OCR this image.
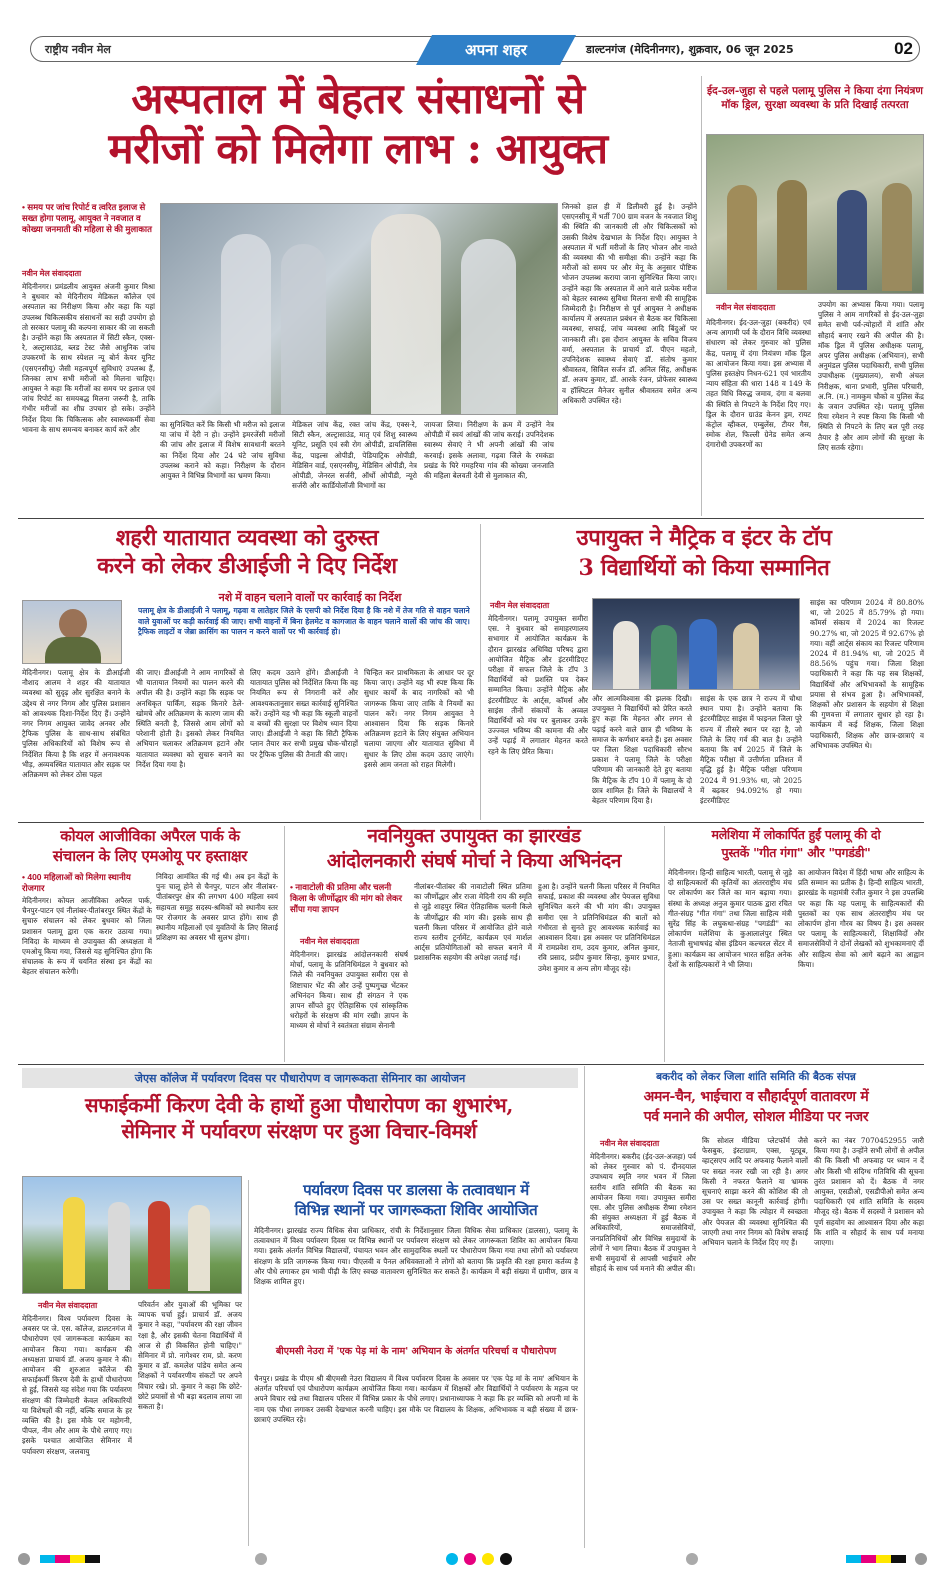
राष्ट्रीय नवीन मेल	अपना शहर	डाल्टनगंज (मेदिनीनगर), शुक्रवार, 06 जून 2025	02
अस्पताल में बेहतर संसाधनों से
मरीजों को मिलेगा लाभ : आयुक्त
• समय पर जांच रिपोर्ट व त्वरित इलाज से सख्त होगा पलामू, आयुक्त ने नवजात व कोख्या जनमाती की महिला से की मुलाकात
नवीन मेल संवाददाता
मेदिनीनगर। प्रमंडलीय आयुक्त अंजनी कुमार मिश्रा ने बुधवार को मेदिनीराय मेडिकल कॉलेज एवं अस्पताल का निरीक्षण किया और कहा कि यहां उपलब्ध चिकित्सकीय संसाधनों का सही उपयोग हो तो सरकार पलामू की कल्पना साकार की जा सकती है। उन्होंने कहा कि अस्पताल में सिटी स्कैन, एक्स-रे, अल्ट्रासाउंड, ब्लड टेस्ट जैसे आधुनिक जांच उपकरणों के साथ स्पेशल न्यू बोर्न केयर यूनिट (एसएनसीयू) जैसी महत्वपूर्ण सुविधाएं उपलब्ध हैं, जिनका लाभ सभी मरीजों को मिलना चाहिए। आयुक्त ने कहा कि मरीजों का समय पर इलाज एवं जांच रिपोर्ट का समयबद्ध मिलना जरूरी है, ताकि गंभीर मरीजों का शीघ्र उपचार हो सके। उन्होंने निर्देश दिया कि चिकित्सक और स्वास्थ्यकर्मी सेवा भावना के साथ समन्वय बनाकर कार्य करें और
का सुनिश्चित करें कि किसी भी मरीज को इलाज या जांच में देरी न हो। उन्होंने इमरजेंसी मरीजों की जांच और इलाज में विशेष सावधानी बरतने का निर्देश दिया और 24 घंटे जांच सुविधा उपलब्ध कराने को कहा। निरीक्षण के दौरान आयुक्त ने विभिन्न विभागों का भ्रमण किया।
मेडिकल जांच केंद्र, रक्त जांच केंद्र, एक्स-रे, सिटी स्कैन, अल्ट्रासाउंड, मातृ एवं शिशु स्वास्थ्य यूनिट, प्रसूति एवं स्त्री रोग ओपीडी, डायलिसिस केंद्र, पाइल्स ओपीडी, पेडियाट्रिक ओपीडी, मेडिसिन वार्ड, एसएनसीयू, मेडिसिन ओपीडी, नेत्र ओपीडी, जेनरल सर्जरी, ऑर्थो ओपीडी, न्यूरो सर्जरी और कार्डियोलॉजी विभागों का
जायजा लिया। निरीक्षण के क्रम में उन्होंने नेत्र ओपीडी में स्वयं आंखों की जांच कराई। उपनिदेशक स्वास्थ्य सेवाएं ने भी अपनी आंखों की जांच करवाई। इसके अलावा, गढ़वा जिले के रमकंडा प्रखंड के घिरे गमहरिया गांव की कोख्या जनजाति की महिला बेलवती देवी से मुलाकात की,
जिनको हाल ही में डिलीवरी हुई है। उन्होंने एसएनसीयू में भर्ती 700 ग्राम वजन के नवजात शिशु की स्थिति की जानकारी ली और चिकित्सकों को उसकी विशेष देखभाल के निर्देश दिए। आयुक्त ने अस्पताल में भर्ती मरीजों के लिए भोजन और नाश्ते की व्यवस्था की भी समीक्षा की। उन्होंने कहा कि मरीजों को समय पर और मेनू के अनुसार पौष्टिक भोजन उपलब्ध कराया जाना सुनिश्चित किया जाए। उन्होंने कहा कि अस्पताल में आने वाले प्रत्येक मरीज को बेहतर स्वास्थ्य सुविधा मिलना सभी की सामूहिक जिम्मेदारी है। निरीक्षण से पूर्व आयुक्त ने अधीक्षक कार्यालय में अस्पताल प्रबंधन से बैठक कर चिकित्सा व्यवस्था, सफाई, जांच व्यवस्था आदि बिंदुओं पर जानकारी ली। इस दौरान आयुक्त के सचिव विजय वर्मा, अस्पताल के प्राचार्य डॉ. पीएन महतो, उपनिदेशक स्वास्थ्य सेवाएं डॉ. संतोष कुमार श्रीवास्तव, सिविल सर्जन डॉ. अनिल सिंह, अधीक्षक डॉ. अजय कुमार, डॉ. आरके रंजन, प्रोफेसर स्वास्थ्य व हॉस्पिटल मैनेजर सुनील श्रीवास्तव समेत अन्य अधिकारी उपस्थित रहे।
ईद-उल-जुहा से पहले पलामू पुलिस ने किया दंगा नियंत्रण मॉक ड्रिल, सुरक्षा व्यवस्था के प्रति दिखाई तत्परता
नवीन मेल संवाददाता
मेदिनीनगर। ईद-उल-जुहा (बकरीद) एवं अन्य आगामी पर्व के दौरान विधि व्यवस्था संधारण को लेकर गुरुवार को पुलिस केंद्र, पलामू में दंगा नियंत्रण मॉक ड्रिल का आयोजन किया गया। इस अभ्यास में पुलिस हस्तक्षेप निधन-621 एवं भारतीय न्याय संहिता की धारा 148 व 149 के तहत विधि विरुद्ध जमाव, दंगा व बलवा की स्थिति से निपटने के निर्देश दिए गए। ड्रिल के दौरान ग्राउंड केनन ड्रम, रायट कंट्रोल व्हीकल, एम्बुलेंस, टीयर गैस, स्मोक शेल, फिल्ली ग्रेनेड समेत अन्य दंगारोधी उपकरणों का
उपयोग का अभ्यास किया गया। पलामू पुलिस ने आम नागरिकों से ईद-उल-जुहा समेत सभी पर्व-त्योहारों में शांति और सौहार्द बनाए रखने की अपील की है। मॉक ड्रिल में पुलिस अधीक्षक पलामू, अपर पुलिस अधीक्षक (अभियान), सभी अनुमंडल पुलिस पदाधिकारी, सभी पुलिस उपाधीक्षक (मुख्यालय), सभी अंचल निरीक्षक, थाना प्रभारी, पुलिस परिचारी, अ.नि. (म.) नामकुम चौको व पुलिस केंद्र के जवान उपस्थित रहे। पलामू पुलिस रिया रमेशन ने स्पष्ट किया कि किसी भी स्थिति से निपटने के लिए बल पूरी तरह तैयार है और आम लोगों की सुरक्षा के लिए सतर्क रहेगा।
शहरी यातायात व्यवस्था को दुरुस्त
करने को लेकर डीआईजी ने दिए निर्देश
नशे में वाहन चलाने वालों पर कार्रवाई का निर्देश
पलामू क्षेत्र के डीआईजी ने पलामू, गढ़वा व लातेहार जिले के एसपी को निर्देश दिया है कि नशे में तेज गति से वाहन चलाने वाले युवाओं पर कड़ी कार्रवाई की जाए। सभी वाहनों में बिना हेलमेट व कागजात के वाहन चलाने वालों की जांच की जाए। ट्रैफिक लाइटों व जेब्रा क्रासिंग का पालन न करने वालों पर भी कार्रवाई हो।
मेदिनीनगर। पलामू क्षेत्र के डीआईजी नौशाद आलम ने शहर की यातायात व्यवस्था को सुदृढ़ और सुरक्षित बनाने के उद्देश्य से नगर निगम और पुलिस प्रशासन को आवश्यक दिशा-निर्देश दिए हैं। उन्होंने नगर निगम आयुक्त जावेद अनवर और ट्रैफिक पुलिस के साथ-साथ संबंधित पुलिस अधिकारियों को विशेष रूप से निर्देशित किया है कि शहर में अनावश्यक भीड़, अव्यवस्थित यातायात और सड़क पर अतिक्रमण को लेकर ठोस पहल
की जाए। डीआईजी ने आम नागरिकों से भी यातायात नियमों का पालन करने की अपील की है। उन्होंने कहा कि सड़क पर अनधिकृत पार्किंग, सड़क किनारे ठेले-खोमचे और अतिक्रमण के कारण जाम की स्थिति बनती है, जिससे आम लोगों को परेशानी होती है। इसको लेकर नियमित अभियान चलाकर अतिक्रमण हटाने और यातायात व्यवस्था को सुचारु बनाने का निर्देश दिया गया है।
लिए कदम उठाने होंगे। डीआईजी ने यातायात पुलिस को निर्देशित किया कि वह नियमित रूप से निगरानी करें और आवश्यकतानुसार सख्त कार्रवाई सुनिश्चित करें। उन्होंने यह भी कहा कि स्कूली वाहनों व बच्चों की सुरक्षा पर विशेष ध्यान दिया जाए। डीआईजी ने कहा कि सिटी ट्रैफिक प्लान तैयार कर सभी प्रमुख चौक-चौराहों पर ट्रैफिक पुलिस की तैनाती की जाए।
चिन्हित कर प्राथमिकता के आधार पर दूर किया जाए। उन्होंने यह भी स्पष्ट किया कि सुधार कार्यों के बाद नागरिकों को भी जागरूक किया जाए ताकि वे नियमों का पालन करें। नगर निगम आयुक्त ने आश्वासन दिया कि सड़क किनारे अतिक्रमण हटाने के लिए संयुक्त अभियान चलाया जाएगा और यातायात सुविधा में सुधार के लिए ठोस कदम उठाए जाएंगे। इससे आम जनता को राहत मिलेगी।
उपायुक्त ने मैट्रिक व इंटर के टॉप
3 विद्यार्थियों को किया सम्मानित
नवीन मेल संवाददाता
मेदिनीनगर। पलामू उपायुक्त समीरा एस. ने बुधवार को समाहरणालय सभागार में आयोजित कार्यक्रम के दौरान झारखंड अधिविद्य परिषद द्वारा आयोजित मैट्रिक और इंटरमीडिएट परीक्षा में सफल जिले के टॉप 3 विद्यार्थियों को प्रशस्ति पत्र देकर सम्मानित किया। उन्होंने मैट्रिक और इंटरमीडिएट के आर्ट्स, कॉमर्स और साइंस तीनों संकायों के अव्वल विद्यार्थियों को मंच पर बुलाकर उनके उज्ज्वल भविष्य की कामना की और उन्हें पढ़ाई में लगातार मेहनत करते रहने के लिए प्रेरित किया।
और आत्मविश्वास की झलक दिखी। उपायुक्त ने विद्यार्थियों को प्रेरित करते हुए कहा कि मेहनत और लगन से पढ़ाई करने वाले छात्र ही भविष्य के समाज के कर्णधार बनते हैं। इस अवसर पर जिला शिक्षा पदाधिकारी सौरभ प्रकाश ने पलामू जिले के परीक्षा परिणाम की जानकारी देते हुए बताया कि मैट्रिक के टॉप 10 में पलामू के दो छात्र शामिल हैं। जिले के विद्यालयों ने बेहतर परिणाम दिया है।
साइंस के एक छात्र ने राज्य में चौथा स्थान पाया है। उन्होंने बताया कि इंटरमीडिएट साइंस में फाइनल जिला पूरे राज्य में तीसरे स्थान पर रहा है, जो जिले के लिए गर्व की बात है। उन्होंने बताया कि वर्ष 2025 में जिले के मैट्रिक परीक्षा में उत्तीर्णता प्रतिशत में वृद्धि हुई है। मैट्रिक परीक्षा परिणाम 2024 में 91.93% था, जो 2025 में बढ़कर 94.092% हो गया। इंटरमीडिएट
साइंस का परिणाम 2024 में 80.80% था, जो 2025 में 85.79% हो गया। कॉमर्स संकाय में 2024 का रिजल्ट 90.27% था, जो 2025 में 92.67% हो गया। वहीं आर्ट्स संकाय का रिजल्ट परिणाम 2024 में 81.94% था, जो 2025 में 88.56% पहुंच गया। जिला शिक्षा पदाधिकारी ने कहा कि यह सब शिक्षकों, विद्यार्थियों और अभिभावकों के सामूहिक प्रयास से संभव हुआ है। अभिभावकों, शिक्षकों और प्रशासन के सहयोग से शिक्षा की गुणवत्ता में लगातार सुधार हो रहा है। कार्यक्रम में कई शिक्षक, जिला शिक्षा पदाधिकारी, शिक्षक और छात्र-छात्राएं व अभिभावक उपस्थित थे।
कोयल आजीविका अपैरल पार्क के
संचालन के लिए एमओयू पर हस्ताक्षर
• 400 महिलाओं को मिलेगा स्थानीय रोजगार
मेदिनीनगर। कोयल आजीविका अपैरल पार्क, चैनपुर-पाटन एवं नीलांबर-पीतांबरपुर स्थित केंद्रों के सुचारु संचालन को लेकर बुधवार को जिला प्रशासन पलामू द्वारा एक करार उठाया गया। निविदा के माध्यम से उपायुक्त की अध्यक्षता में एमओयू किया गया, जिससे यह सुनिश्चित होगा कि संचालक के रूप में चयनित संस्था इन केंद्रों का बेहतर संचालन करेगी।
निविदा आमंत्रित की गई थी। अब इन केंद्रों के पुनः चालू होने से चैनपुर, पाटन और नीलांबर-पीतांबरपुर क्षेत्र की लगभग 400 महिला स्वयं सहायता समूह सदस्य-श्रमिकों को स्थानीय स्तर पर रोजगार के अवसर प्राप्त होंगे। साथ ही स्थानीय महिलाओं एवं युवतियों के लिए सिलाई प्रशिक्षण का अवसर भी सुलभ होगा।
नवनियुक्त उपायुक्त का झारखंड
आंदोलनकारी संघर्ष मोर्चा ने किया अभिनंदन
• नावाटोली की प्रतिमा और चलनी किला के जीर्णोद्धार की मांग को लेकर सौंपा गया ज्ञापन
नवीन मेल संवाददाता
मेदिनीनगर। झारखंड आंदोलनकारी संघर्ष मोर्चा, पलामू के प्रतिनिधिमंडल ने बुधवार को जिले की नवनियुक्त उपायुक्त समीरा एस से शिष्टाचार भेंट की और उन्हें पुष्पगुच्छ भेंटकर अभिनंदन किया। साथ ही संगठन ने एक ज्ञापन सौंपते हुए ऐतिहासिक एवं सांस्कृतिक धरोहरों के संरक्षण की मांग रखी। ज्ञापन के माध्यम से मोर्चा ने स्वतंत्रता संग्राम सेनानी
नीलांबर-पीतांबर की नावाटोली स्थित प्रतिमा का जीर्णोद्धार और राजा मेदिनी राय की स्मृति से जुड़े शाहपुर स्थित ऐतिहासिक चलनी किले के जीर्णोद्धार की मांग की। इसके साथ ही चलनी किला परिसर में आयोजित होने वाले राज्य स्तरीय टूर्नामेंट, कार्यक्रम एवं मार्शल आर्ट्स प्रतियोगिताओं को सफल बनाने में प्रशासनिक सहयोग की अपेक्षा जताई गई।
हुआ है। उन्होंने चलनी किला परिसर में नियमित सफाई, प्रकाश की व्यवस्था और पेयजल सुविधा सुनिश्चित करने की भी मांग की। उपायुक्त समीरा एस ने प्रतिनिधिमंडल की बातों को गंभीरता से सुनते हुए आवश्यक कार्रवाई का आश्वासन दिया। इस अवसर पर प्रतिनिधिमंडल में रामप्रवेश राम, उदय कुमार, अनिल कुमार, रवि प्रसाद, प्रदीप कुमार सिन्हा, कुमार प्रभात, उमेश कुमार व अन्य लोग मौजूद रहे।
मलेशिया में लोकार्पित हुईं पलामू की दो
पुस्तकें "गीत गंगा" और "पगडंडी"
मेदिनीनगर। हिन्दी साहित्य भारती, पलामू से जुड़े दो साहित्यकारों की कृतियों का अंतरराष्ट्रीय मंच पर लोकार्पण कर जिले का मान बढ़ाया गया। संस्था के अध्यक्ष अनुज कुमार पाठक द्वारा रचित गीत-संग्रह "गीत गंगा" तथा जिला साहित्य मंत्री सुरेंद्र सिंह के लघुकथा-संग्रह "पगडंडी" का लोकार्पण मलेशिया के कुआलालंपुर स्थित नेताजी सुभाषचंद्र बोस इंडियन कल्चरल सेंटर में हुआ। कार्यक्रम का आयोजन भारत सहित अनेक देशों के साहित्यकारों ने भी लिया।
का आयोजन विदेश में हिंदी भाषा और साहित्य के प्रति सम्मान का प्रतीक है। हिन्दी साहित्य भारती, झारखंड के महामंत्री रंजीत कुमार ने इस उपलब्धि पर कहा कि यह पलामू के साहित्यकारों की पुस्तकों का एक साथ अंतरराष्ट्रीय मंच पर लोकार्पण होना गौरव का विषय है। इस अवसर पर पलामू के साहित्यकारों, शिक्षाविदों और समाजसेवियों ने दोनों लेखकों को शुभकामनाएं दीं और साहित्य सेवा को आगे बढ़ाने का आह्वान किया।
जेएस कॉलेज में पर्यावरण दिवस पर पौधारोपण व जागरूकता सेमिनार का आयोजन
सफाईकर्मी किरण देवी के हाथों हुआ पौधारोपण का शुभारंभ,
सेमिनार में पर्यावरण संरक्षण पर हुआ विचार-विमर्श
नवीन मेल संवाददाता
मेदिनीनगर। विश्व पर्यावरण दिवस के अवसर पर जे. एस. कॉलेज, डालटनगंज में पौधारोपण एवं जागरूकता कार्यक्रम का आयोजन किया गया। कार्यक्रम की अध्यक्षता प्राचार्य डॉ. अजय कुमार ने की। आयोजन की शुरुआत कॉलेज की सफाईकर्मी किरण देवी के हाथों पौधारोपण से हुई, जिससे यह संदेश गया कि पर्यावरण संरक्षण की जिम्मेदारी केवल अधिकारियों या विशेषज्ञों की नहीं, बल्कि समाज के हर व्यक्ति की है। इस मौके पर महोगनी, पीपल, नीम और आम के पौधे लगाए गए। इसके पश्चात आयोजित सेमिनार में पर्यावरण संरक्षण, जलवायु
परिवर्तन और युवाओं की भूमिका पर व्यापक चर्चा हुई। प्राचार्य डॉ. अजय कुमार ने कहा, "पर्यावरण की रक्षा जीवन रक्षा है, और इसकी चेतना विद्यार्थियों में आज से ही विकसित होनी चाहिए।" सेमिनार में प्रो. नागेश्वर राम, प्रो. करण कुमार व डॉ. कमलेश पांडेय समेत अन्य शिक्षकों ने पर्यावरणीय संकटों पर अपने विचार रखे। प्रो. कुमार ने कहा कि छोटे-छोटे प्रयासों से भी बड़ा बदलाव लाया जा सकता है।
पर्यावरण दिवस पर डालसा के तत्वावधान में
विभिन्न स्थानों पर जागरूकता शिविर आयोजित
मेदिनीनगर। झारखंड राज्य विधिक सेवा प्राधिकार, रांची के निर्देशानुसार जिला विधिक सेवा प्राधिकार (डालसा), पलामू के तत्वावधान में विश्व पर्यावरण दिवस पर विभिन्न स्थानों पर पर्यावरण संरक्षण को लेकर जागरूकता शिविर का आयोजन किया गया। इसके अंतर्गत विभिन्न विद्यालयों, पंचायत भवन और सामुदायिक स्थलों पर पौधारोपण किया गया तथा लोगों को पर्यावरण संरक्षण के प्रति जागरूक किया गया। पीएलवी व पैनल अधिवक्ताओं ने लोगों को बताया कि प्रकृति की रक्षा हमारा कर्तव्य है और पौधे लगाकर हम भावी पीढ़ी के लिए स्वच्छ वातावरण सुनिश्चित कर सकते हैं। कार्यक्रम में बड़ी संख्या में ग्रामीण, छात्र व शिक्षक शामिल हुए।
बीएमसी नेउरा में 'एक पेड़ मां के नाम' अभियान के अंतर्गत परिचर्चा व पौधारोपण
चैनपुर। प्रखंड के पीएम श्री बीएमसी नेउरा विद्यालय में विश्व पर्यावरण दिवस के अवसर पर 'एक पेड़ मां के नाम' अभियान के अंतर्गत परिचर्चा एवं पौधारोपण कार्यक्रम आयोजित किया गया। कार्यक्रम में शिक्षकों और विद्यार्थियों ने पर्यावरण के महत्व पर अपने विचार रखे तथा विद्यालय परिसर में विभिन्न प्रकार के पौधे लगाए। प्रधानाध्यापक ने कहा कि हर व्यक्ति को अपनी मां के नाम एक पौधा लगाकर उसकी देखभाल करनी चाहिए। इस मौके पर विद्यालय के शिक्षक, अभिभावक व बड़ी संख्या में छात्र-छात्राएं उपस्थित रहे।
बकरीद को लेकर जिला शांति समिति की बैठक संपन्न
अमन-चैन, भाईचारा व सौहार्दपूर्ण वातावरण में
पर्व मनाने की अपील, सोशल मीडिया पर नजर
नवीन मेल संवाददाता
मेदिनीनगर। बकरीद (ईद-उल-अजहा) पर्व को लेकर गुरुवार को पं. दीनदयाल उपाध्याय स्मृति नगर भवन में जिला स्तरीय शांति समिति की बैठक का आयोजन किया गया। उपायुक्त समीरा एस. और पुलिस अधीक्षक रीष्मा रमेशन की संयुक्त अध्यक्षता में हुई बैठक में अधिकारियों, समाजसेवियों, जनप्रतिनिधियों और विभिन्न समुदायों के लोगों ने भाग लिया। बैठक में उपायुक्त ने सभी समुदायों से आपसी भाईचारे और सौहार्द के साथ पर्व मनाने की अपील की।
कि सोशल मीडिया प्लेटफॉर्म जैसे फेसबुक, इंस्टाग्राम, एक्स, यूट्यूब, व्हाट्सएप आदि पर अफवाह फैलाने वालों पर सख्त नजर रखी जा रही है। अगर किसी ने नफरत फैलाने या भ्रामक सूचनाएं साझा करने की कोशिश की तो उस पर सख्त कानूनी कार्रवाई होगी। उपायुक्त ने कहा कि त्योहार में स्वच्छता और पेयजल की व्यवस्था सुनिश्चित की जाएगी तथा नगर निगम को विशेष सफाई अभियान चलाने के निर्देश दिए गए हैं।
करने का नंबर 7070452955 जारी किया गया है। उन्होंने सभी लोगों से अपील की कि किसी भी अफवाह पर ध्यान न दें और किसी भी संदिग्ध गतिविधि की सूचना तुरंत प्रशासन को दें। बैठक में नगर आयुक्त, एसडीओ, एसडीपीओ समेत अन्य पदाधिकारी एवं शांति समिति के सदस्य मौजूद रहे। बैठक में सदस्यों ने प्रशासन को पूर्ण सहयोग का आश्वासन दिया और कहा कि शांति व सौहार्द के साथ पर्व मनाया जाएगा।
